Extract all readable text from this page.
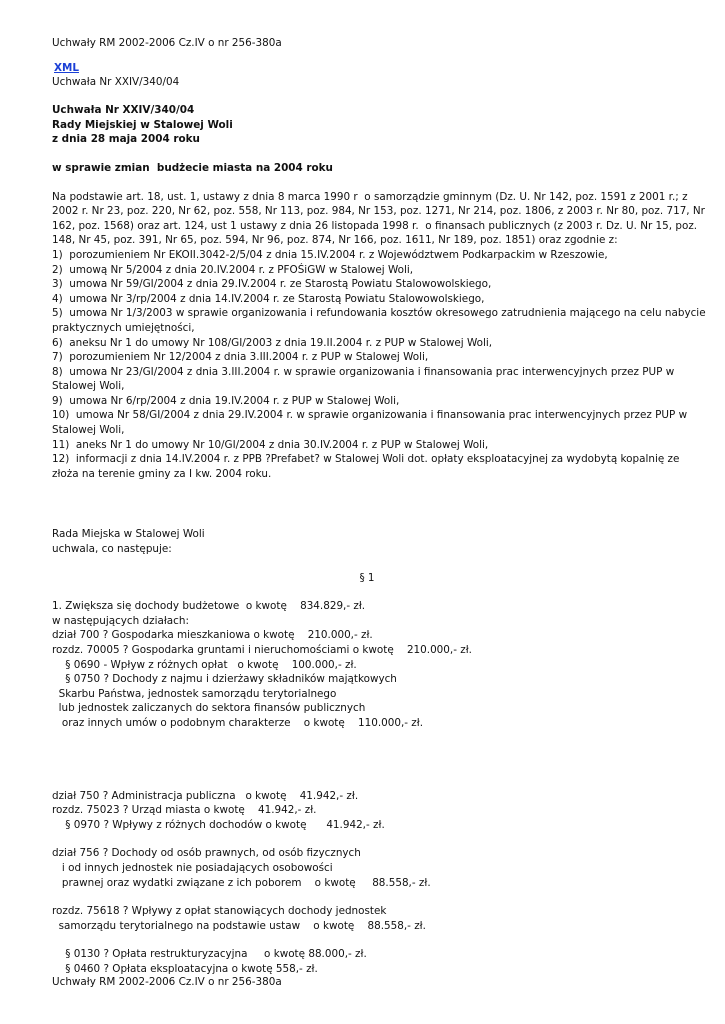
Uchwały RM 2002-2006 Cz.IV o nr 256-380a
XML
Uchwała Nr XXIV/340/04
Uchwała Nr XXIV/340/04
Rady Miejskiej w Stalowej Woli
z dnia 28 maja 2004 roku
w sprawie zmian  budżecie miasta na 2004 roku
Na podstawie art. 18, ust. 1, ustawy z dnia 8 marca 1990 r  o samorządzie gminnym (Dz. U. Nr 142, poz. 1591 z 2001 r.; z
2002 r. Nr 23, poz. 220, Nr 62, poz. 558, Nr 113, poz. 984, Nr 153, poz. 1271, Nr 214, poz. 1806, z 2003 r. Nr 80, poz. 717, Nr
162, poz. 1568) oraz art. 124, ust 1 ustawy z dnia 26 listopada 1998 r.  o finansach publicznych (z 2003 r. Dz. U. Nr 15, poz.
148, Nr 45, poz. 391, Nr 65, poz. 594, Nr 96, poz. 874, Nr 166, poz. 1611, Nr 189, poz. 1851) oraz zgodnie z:
1)  porozumieniem Nr EKOII.3042-2/5/04 z dnia 15.IV.2004 r. z Województwem Podkarpackim w Rzeszowie,
2)  umową Nr 5/2004 z dnia 20.IV.2004 r. z PFOŚiGW w Stalowej Woli,
3)  umowa Nr 59/GI/2004 z dnia 29.IV.2004 r. ze Starostą Powiatu Stalowowolskiego,
4)  umowa Nr 3/rp/2004 z dnia 14.IV.2004 r. ze Starostą Powiatu Stalowowolskiego,
5)  umowa Nr 1/3/2003 w sprawie organizowania i refundowania kosztów okresowego zatrudnienia mającego na celu nabycie
praktycznych umiejętności,
6)  aneksu Nr 1 do umowy Nr 108/GI/2003 z dnia 19.II.2004 r. z PUP w Stalowej Woli,
7)  porozumieniem Nr 12/2004 z dnia 3.III.2004 r. z PUP w Stalowej Woli,
8)  umowa Nr 23/GI/2004 z dnia 3.III.2004 r. w sprawie organizowania i finansowania prac interwencyjnych przez PUP w
Stalowej Woli,
9)  umowa Nr 6/rp/2004 z dnia 19.IV.2004 r. z PUP w Stalowej Woli,
10)  umowa Nr 58/GI/2004 z dnia 29.IV.2004 r. w sprawie organizowania i finansowania prac interwencyjnych przez PUP w
Stalowej Woli,
11)  aneks Nr 1 do umowy Nr 10/GI/2004 z dnia 30.IV.2004 r. z PUP w Stalowej Woli,
12)  informacji z dnia 14.IV.2004 r. z PPB ?Prefabet? w Stalowej Woli dot. opłaty eksploatacyjnej za wydobytą kopalnię ze
złoża na terenie gminy za I kw. 2004 roku.
Rada Miejska w Stalowej Woli
uchwala, co następuje:
§ 1
1. Zwiększa się dochody budżetowe  o kwotę    834.829,- zł.
w następujących działach:
dział 700 ? Gospodarka mieszkaniowa o kwotę    210.000,- zł.
rozdz. 70005 ? Gospodarka gruntami i nieruchomościami o kwotę    210.000,- zł.
§ 0690 - Wpływ z różnych opłat   o kwotę    100.000,- zł.
§ 0750 ? Dochody z najmu i dzierżawy składników majątkowych
Skarbu Państwa, jednostek samorządu terytorialnego
lub jednostek zaliczanych do sektora finansów publicznych
oraz innych umów o podobnym charakterze    o kwotę    110.000,- zł.
dział 750 ? Administracja publiczna   o kwotę    41.942,- zł.
rozdz. 75023 ? Urząd miasta o kwotę    41.942,- zł.
§ 0970 ? Wpływy z różnych dochodów o kwotę      41.942,- zł.
dział 756 ? Dochody od osób prawnych, od osób fizycznych
i od innych jednostek nie posiadających osobowości
prawnej oraz wydatki związane z ich poborem    o kwotę     88.558,- zł.
rozdz. 75618 ? Wpływy z opłat stanowiących dochody jednostek
samorządu terytorialnego na podstawie ustaw    o kwotę    88.558,- zł.
§ 0130 ? Opłata restrukturyzacyjna     o kwotę 88.000,- zł.
§ 0460 ? Opłata eksploatacyjna o kwotę 558,- zł.
Uchwały RM 2002-2006 Cz.IV o nr 256-380a
